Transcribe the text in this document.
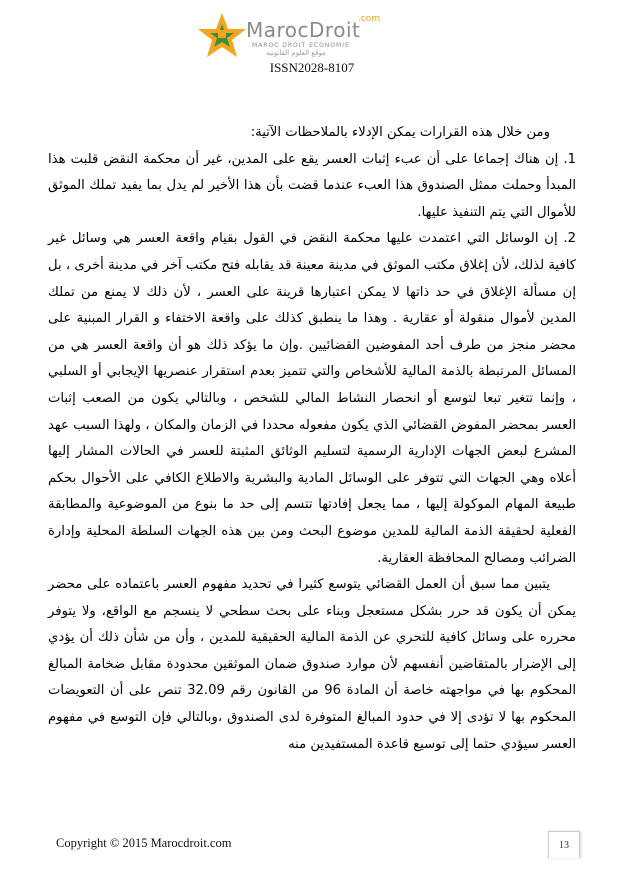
MarocDroit
.com
MAROC DROIT ECONOMIE
موقع العلوم القانونية
ISSN2028-8107

ومن خلال هذه القرارات يمكن الإدلاء بالملاحظات الآتية:

1. إن هناك إجماعا على أن عبء إثبات العسر يقع على المدين، غير أن محكمة النقض قلبت هذا المبدأ وحملت ممثل الصندوق هذا العبء عندما قضت بأن هذا الأخير لم يدل بما يفيد تملك الموثق للأموال التي يتم التنفيذ عليها.

2. إن الوسائل التي اعتمدت عليها محكمة النقض في القول بقيام واقعة العسر هي وسائل غير كافية لذلك، لأن إغلاق مكتب الموثق في مدينة معينة قد يقابله فتح مكتب آخر في مدينة أخرى ، بل إن مسألة الإغلاق في حد ذاتها لا يمكن اعتبارها قرينة على العسر ، لأن ذلك لا يمنع من تملك المدين لأموال منقولة أو عقارية . وهذا ما ينطبق كذلك على واقعة الاختفاء و القرار المبنية على محضر منجز من طرف أحد المفوضين القضائيين .وإن ما يؤكد ذلك هو أن واقعة العسر هي من المسائل المرتبطة بالذمة المالية للأشخاص والتي تتميز بعدم استقرار عنصريها الإيجابي أو السلبي ، وإنما تتغير تبعا لتوسع أو انحصار النشاط المالي للشخص ، وبالتالي يكون من الصعب إثبات العسر بمحضر المفوض القضائي الذي يكون مفعوله محددا في الزمان والمكان ، ولهذا السبب عهد المشرع لبعض الجهات الإدارية الرسمية لتسليم الوثائق المثبتة للعسر في الحالات المشار إليها أعلاه وهي الجهات التي تتوفر على الوسائل المادية والبشرية والاطلاع الكافي على الأحوال بحكم طبيعة المهام الموكولة إليها ، مما يجعل إفادتها تتسم إلى حد ما بنوع من الموضوعية والمطابقة الفعلية لحقيقة الذمة المالية للمدين موضوع البحث ومن بين هذه الجهات السلطة المحلية وإدارة الضرائب ومصالح المحافظة العقارية.

يتبين مما سبق أن العمل القضائي يتوسع كثيرا في تحديد مفهوم العسر باعتماده على محضر يمكن أن يكون قد حرر بشكل مستعجل وبناء على بحث سطحي لا ينسجم مع الواقع، ولا يتوفر محرره على وسائل كافية للتحري عن الذمة المالية الحقيقية للمدين ، وأن من شأن ذلك أن يؤدي إلى الإضرار بالمتقاضين أنفسهم لأن موارد صندوق ضمان الموثقين محدودة مقابل ضخامة المبالغ المحكوم بها في مواجهته خاصة أن المادة 96 من القانون رقم 32.09 تنص على أن التعويضات المحكوم بها لا تؤدى إلا في حدود المبالغ المتوفرة لدى الصندوق ،وبالتالي فإن التوسع في مفهوم العسر سيؤدي حتما إلى توسيع قاعدة المستفيدين منه

Copyright © 2015 Marocdroit.com	13
